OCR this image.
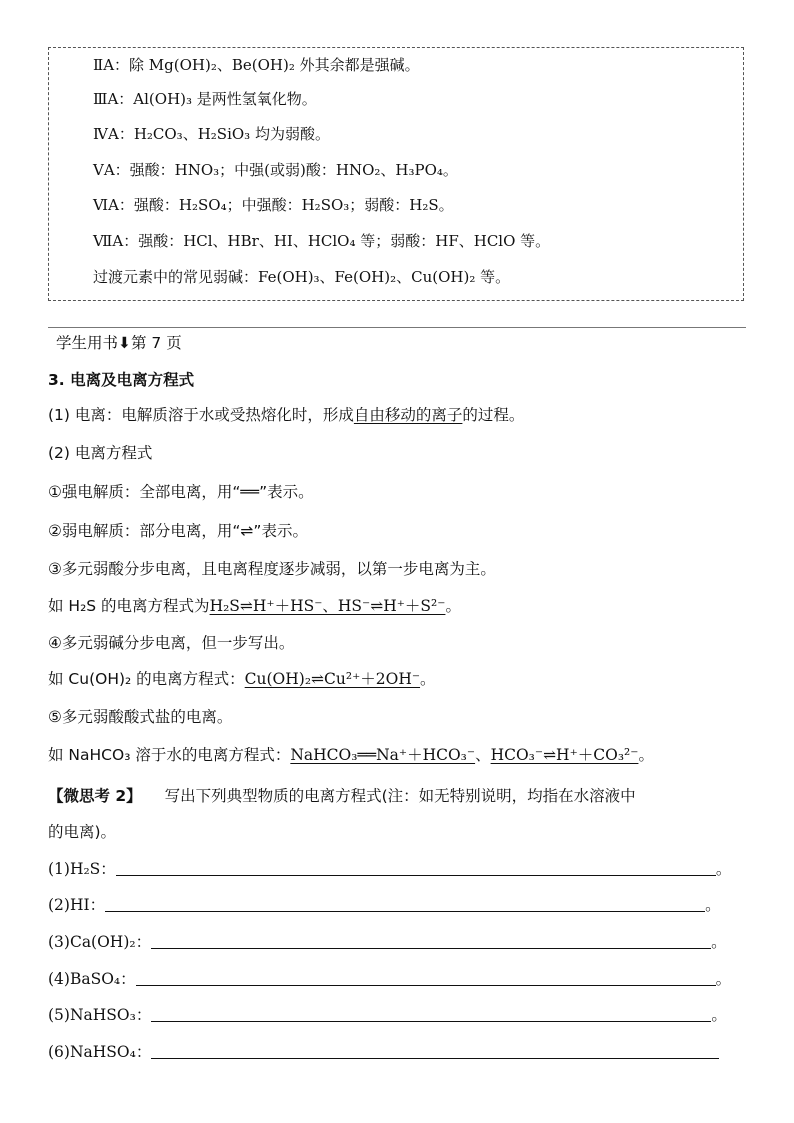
ⅡA：除 Mg(OH)₂、Be(OH)₂ 外其余都是强碱。
ⅢA：Al(OH)₃ 是两性氢氧化物。
ⅣA：H₂CO₃、H₂SiO₃ 均为弱酸。
ⅤA：强酸：HNO₃；中强(或弱)酸：HNO₂、H₃PO₄。
ⅥA：强酸：H₂SO₄；中强酸：H₂SO₃；弱酸：H₂S。
ⅦA：强酸：HCl、HBr、HI、HClO₄ 等；弱酸：HF、HClO 等。
过渡元素中的常见弱碱：Fe(OH)₃、Fe(OH)₂、Cu(OH)₂ 等。
学生用书⬇第 7 页
3. 电离及电离方程式
(1) 电离：电解质溶于水或受热熔化时，形成自由移动的离子的过程。
(2) 电离方程式
①强电解质：全部电离，用“══”表示。
②弱电解质：部分电离，用“⇌”表示。
③多元弱酸分步电离，且电离程度逐步减弱，以第一步电离为主。
如 H₂S 的电离方程式为H₂S⇌H⁺＋HS⁻、HS⁻⇌H⁺＋S²⁻。
④多元弱碱分步电离，但一步写出。
如 Cu(OH)₂ 的电离方程式：Cu(OH)₂⇌Cu²⁺＋2OH⁻。
⑤多元弱酸酸式盐的电离。
如 NaHCO₃ 溶于水的电离方程式：NaHCO₃══Na⁺＋HCO₃⁻、HCO₃⁻⇌H⁺＋CO₃²⁻。
【微思考 2】 写出下列典型物质的电离方程式(注：如无特别说明，均指在水溶液中
的电离)。
(1)H₂S：	。
(2)HI：	。
(3)Ca(OH)₂：	。
(4)BaSO₄：	。
(5)NaHSO₃：	。
(6)NaHSO₄：
